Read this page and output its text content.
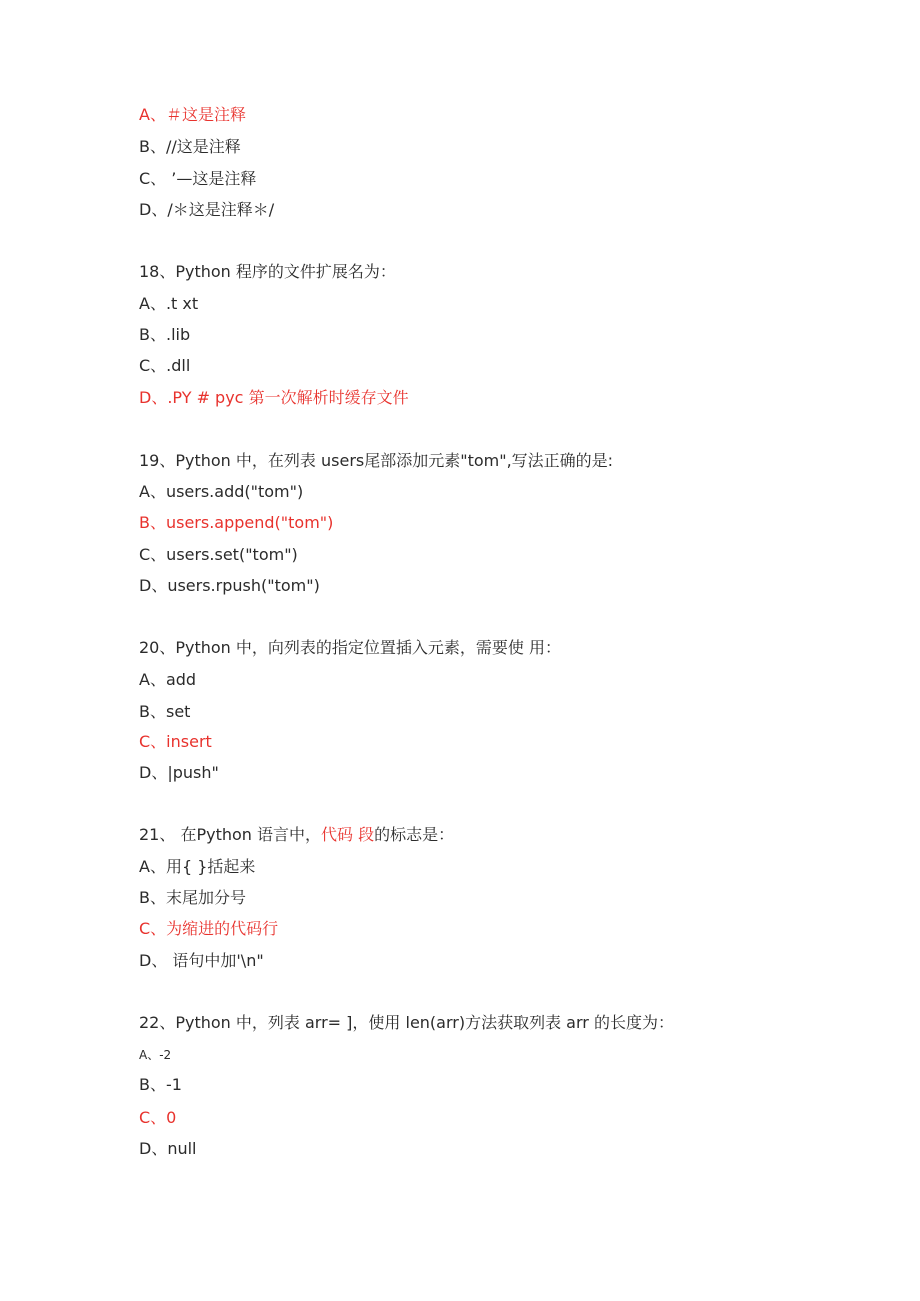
A、＃这是注释

B、//这是注释

C、 ’—这是注释

D、/＊这是注释＊/

18、Python 程序的文件扩展名为：

A、.t xt

B、.lib

C、.dll

D、.PY # pyc 第一次解析时缓存文件

19、Python 中，在列表 users尾部添加元素"tom",写法正确的是:

A、users.add("tom")

B、users.append("tom")

C、users.set("tom")

D、users.rpush("tom")

20、Python 中，向列表的指定位置插入元素，需要使 用：

A、add

B、set

C、insert

D、|push"

21、 在Python 语言中，代码 段的标志是：

A、用{ }括起来

B、末尾加分号

C、为缩进的代码行

D、 语句中加'\n"

22、Python 中，列表 arr= ]，使用 len(arr)方法获取列表 arr 的长度为：

A、-2

B、-1

C、0

D、null
